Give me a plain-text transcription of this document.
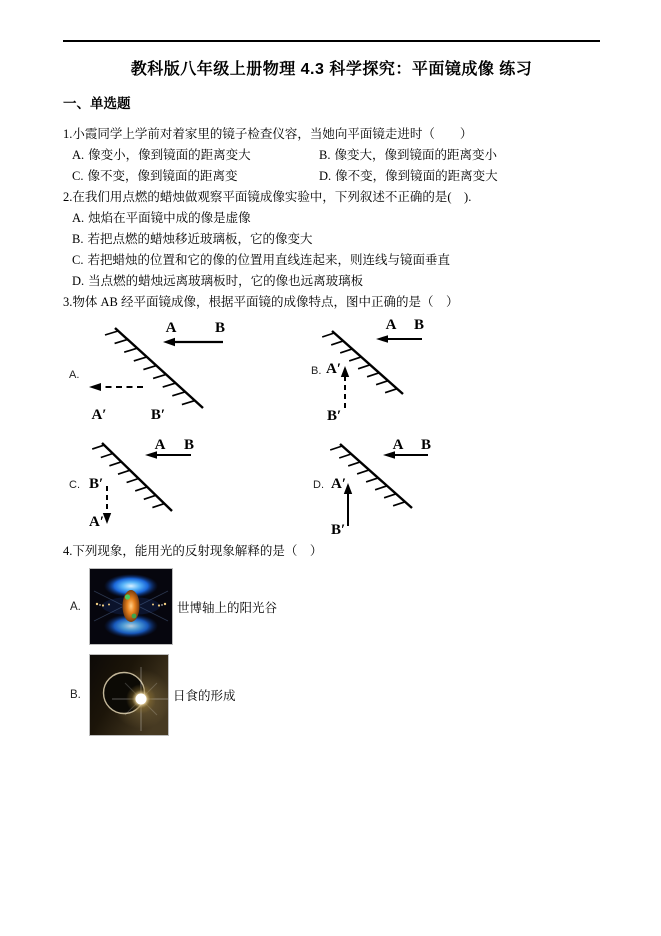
教科版八年级上册物理 4.3 科学探究：平面镜成像 练习
一、单选题
1.小霞同学上学前对着家里的镜子检查仪容，当她向平面镜走进时（　　）
A. 像变小，像到镜面的距离变大	B. 像变大，像到镜面的距离变小
C. 像不变，像到镜面的距离变	D. 像不变，像到镜面的距离变大
2.在我们用点燃的蜡烛做观察平面镜成像实验中，下列叙述不正确的是(　).
A. 烛焰在平面镜中成的像是虚像
B. 若把点燃的蜡烛移近玻璃板，它的像变大
C. 若把蜡烛的位置和它的像的位置用直线连起来，则连线与镜面垂直
D. 当点燃的蜡烛远离玻璃板时，它的像也远离玻璃板
3.物体 AB 经平面镜成像，根据平面镜的成像特点，图中正确的是（　）
A	B
A′	B′
A.
A B
A′
B′
B.
A B
B′
A′
C.
A B
A′
B′
D.
4.下列现象，能用光的反射现象解释的是（　）
A.	世博轴上的阳光谷
B.	日食的形成
